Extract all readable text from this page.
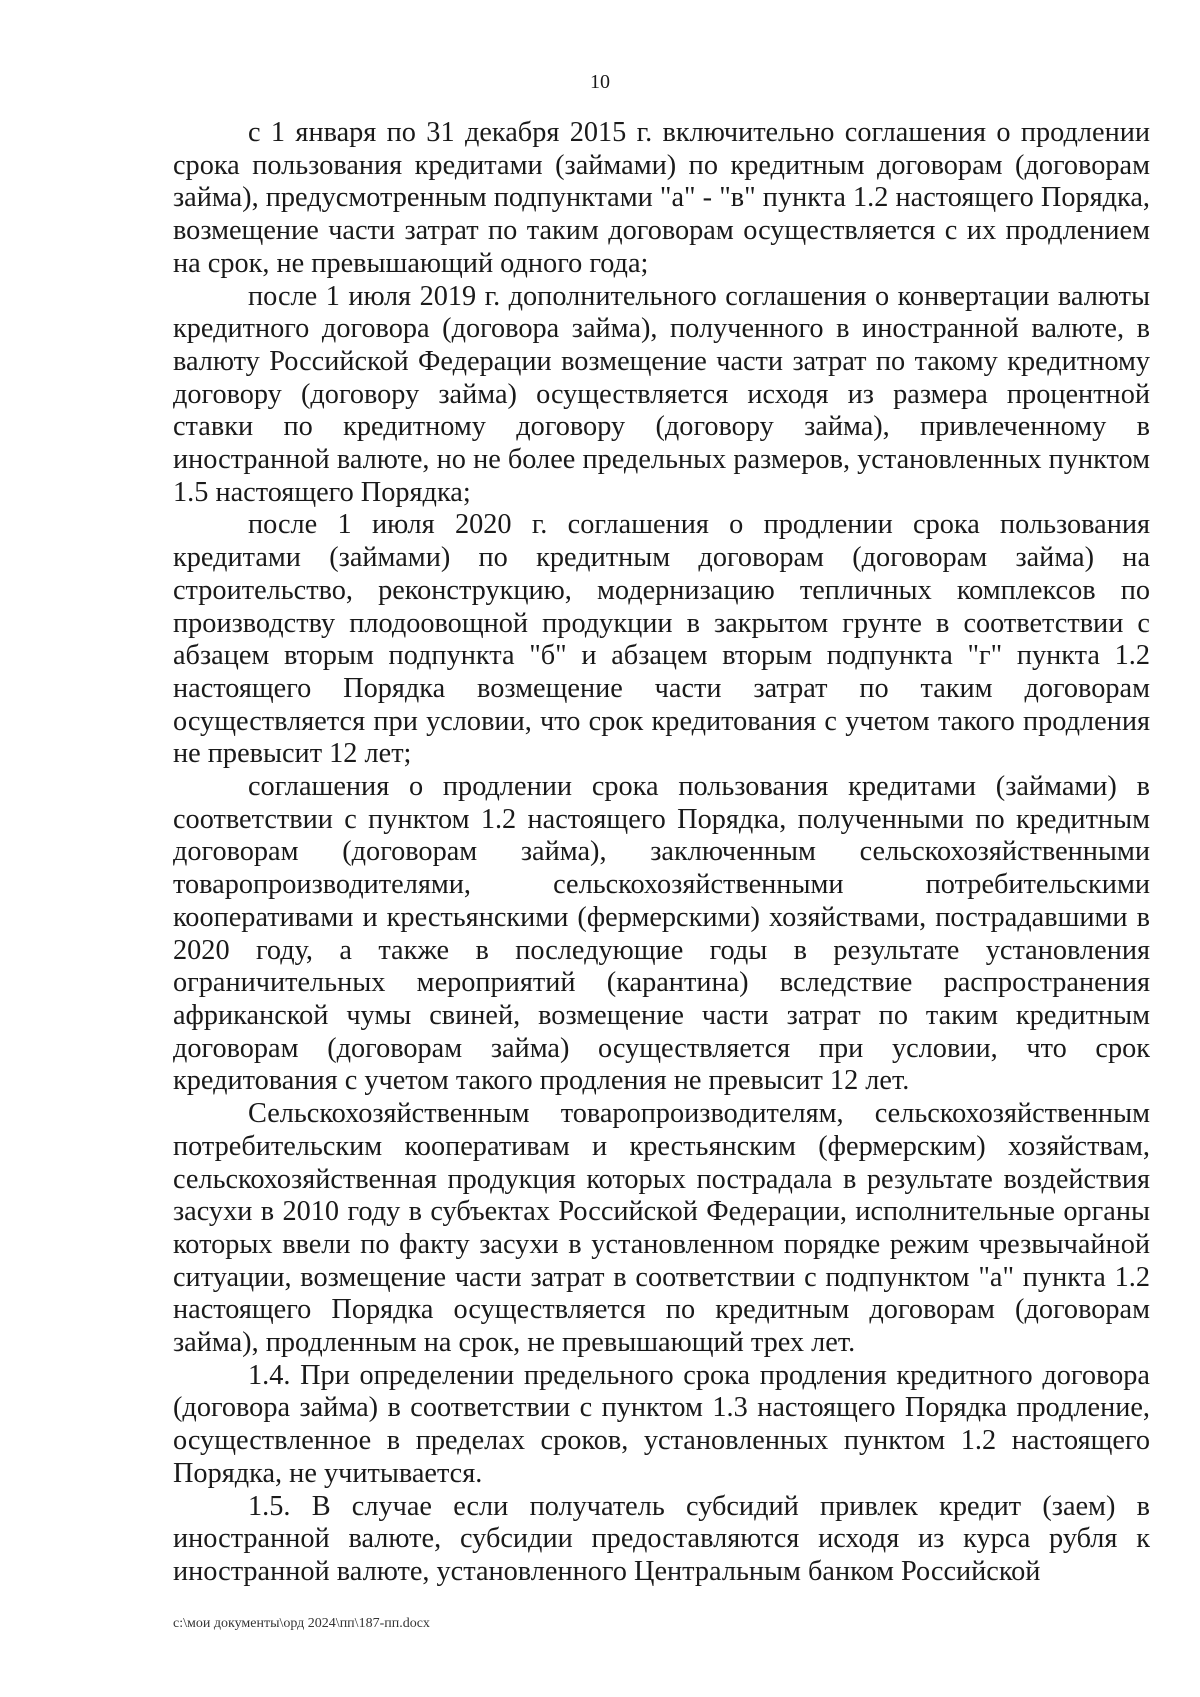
10

с 1 января по 31 декабря 2015 г. включительно соглашения о продлении срока пользования кредитами (займами) по кредитным договорам (договорам займа), предусмотренным подпунктами "а" - "в" пункта 1.2 настоящего Порядка, возмещение части затрат по таким договорам осуществляется с их продлением на срок, не превышающий одного года;

после 1 июля 2019 г. дополнительного соглашения о конвертации валюты кредитного договора (договора займа), полученного в иностранной валюте, в валюту Российской Федерации возмещение части затрат по такому кредитному договору (договору займа) осуществляется исходя из размера процентной ставки по кредитному договору (договору займа), привлеченному в иностранной валюте, но не более предельных размеров, установленных пунктом 1.5 настоящего Порядка;

после 1 июля 2020 г. соглашения о продлении срока пользования кредитами (займами) по кредитным договорам (договорам займа) на строительство, реконструкцию, модернизацию тепличных комплексов по производству плодоовощной продукции в закрытом грунте в соответствии с абзацем вторым подпункта "б" и абзацем вторым подпункта "г" пункта 1.2 настоящего Порядка возмещение части затрат по таким договорам осуществляется при условии, что срок кредитования с учетом такого продления не превысит 12 лет;

соглашения о продлении срока пользования кредитами (займами) в соответствии с пунктом 1.2 настоящего Порядка, полученными по кредитным договорам (договорам займа), заключенным сельскохозяйственными товаропроизводителями, сельскохозяйственными потребительскими кооперативами и крестьянскими (фермерскими) хозяйствами, пострадавшими в 2020 году, а также в последующие годы в результате установления ограничительных мероприятий (карантина) вследствие распространения африканской чумы свиней, возмещение части затрат по таким кредитным договорам (договорам займа) осуществляется при условии, что срок кредитования с учетом такого продления не превысит 12 лет.

Сельскохозяйственным товаропроизводителям, сельскохозяйственным потребительским кооперативам и крестьянским (фермерским) хозяйствам, сельскохозяйственная продукция которых пострадала в результате воздействия засухи в 2010 году в субъектах Российской Федерации, исполнительные органы которых ввели по факту засухи в установленном порядке режим чрезвычайной ситуации, возмещение части затрат в соответствии с подпунктом "а" пункта 1.2 настоящего Порядка осуществляется по кредитным договорам (договорам займа), продленным на срок, не превышающий трех лет.

1.4. При определении предельного срока продления кредитного договора (договора займа) в соответствии с пунктом 1.3 настоящего Порядка продление, осуществленное в пределах сроков, установленных пунктом 1.2 настоящего Порядка, не учитывается.

1.5. В случае если получатель субсидий привлек кредит (заем) в иностранной валюте, субсидии предоставляются исходя из курса рубля к иностранной валюте, установленного Центральным банком Российской

c:\мои документы\орд 2024\пп\187-пп.docx
